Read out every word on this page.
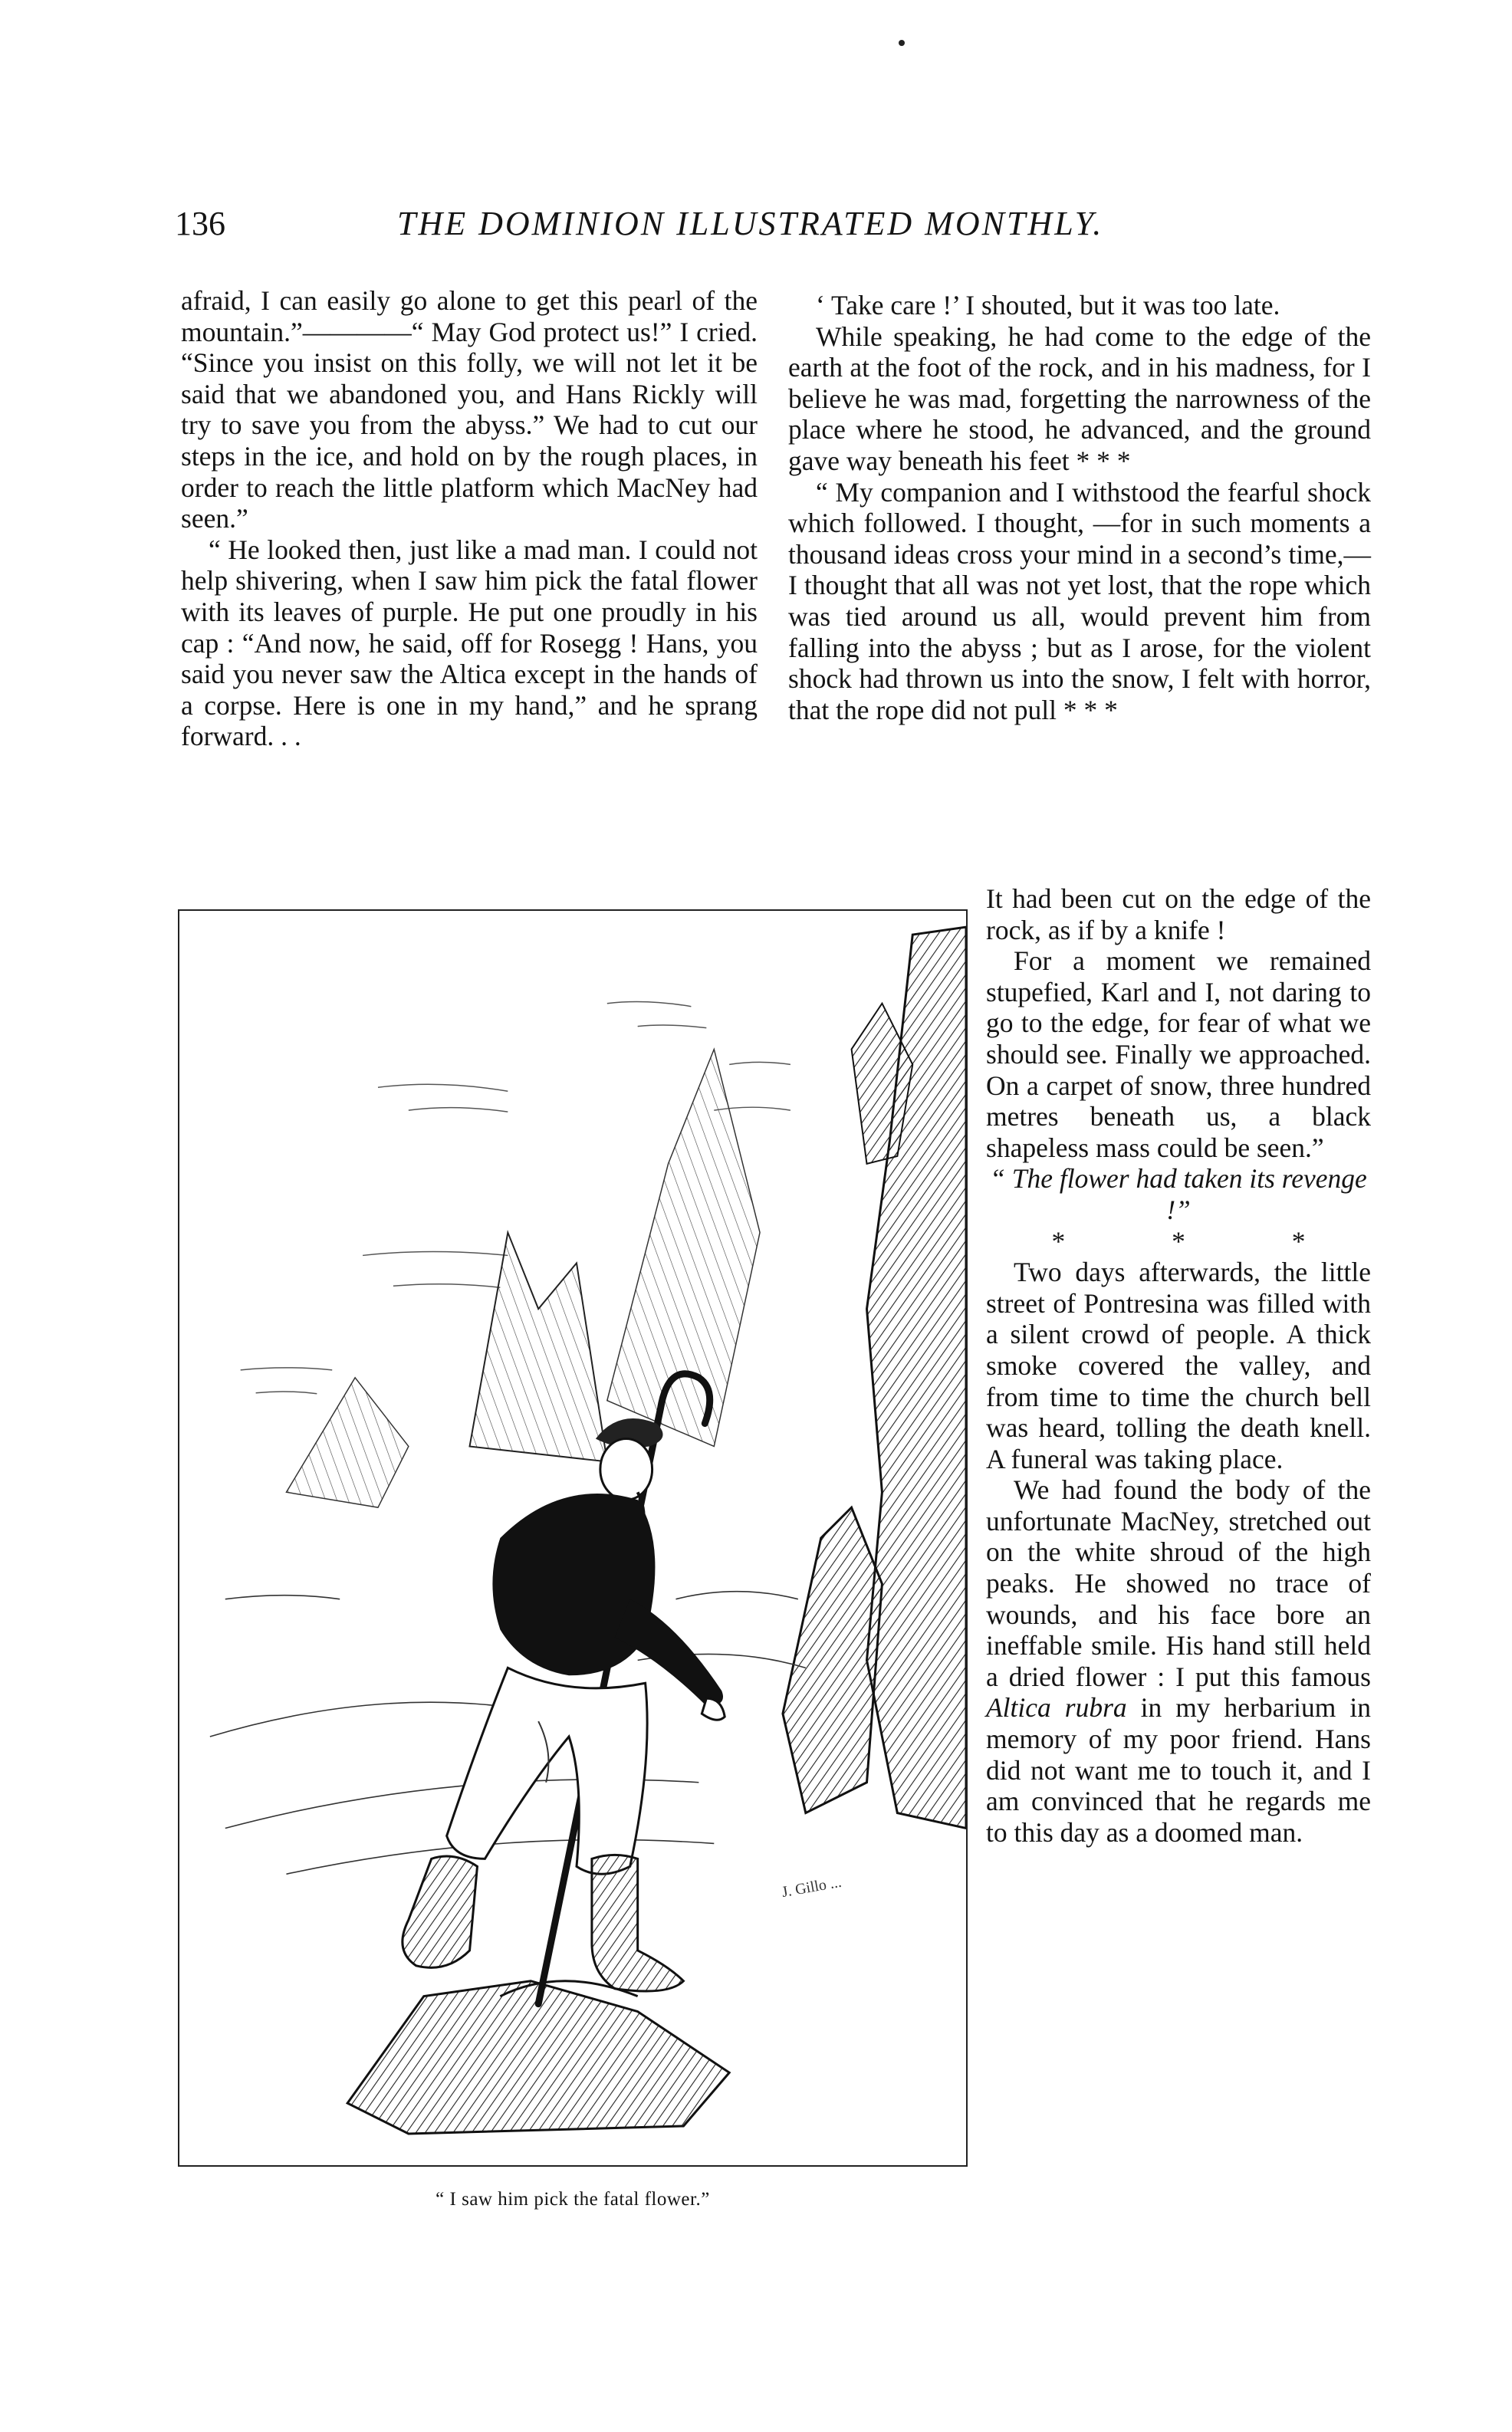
136	THE DOMINION ILLUSTRATED MONTHLY.

afraid, I can easily go alone to get this pearl of the mountain.”————“ May God protect us!” I cried. “Since you insist on this folly, we will not let it be said that we abandoned you, and Hans Rickly will try to save you from the abyss.” We had to cut our steps in the ice, and hold on by the rough places, in order to reach the little platform which MacNey had seen.”

“ He looked then, just like a mad man. I could not help shivering, when I saw him pick the fatal flower with its leaves of purple. He put one proudly in his cap : “And now, he said, off for Rosegg ! Hans, you said you never saw the Altica except in the hands of a corpse. Here is one in my hand,” and he sprang forward. . .

‘ Take care !’ I shouted, but it was too late.

While speaking, he had come to the edge of the earth at the foot of the rock, and in his madness, for I believe he was mad, forgetting the narrowness of the place where he stood, he advanced, and the ground gave way beneath his feet * * *

“ My companion and I withstood the fearful shock which followed. I thought, —for in such moments a thousand ideas cross your mind in a second’s time,—I thought that all was not yet lost, that the rope which was tied around us all, would prevent him from falling into the abyss ; but as I arose, for the violent shock had thrown us into the snow, I felt with horror, that the rope did not pull * * *

It had been cut on the edge of the rock, as if by a knife !

For a moment we remained stupefied, Karl and I, not daring to go to the edge, for fear of what we should see. Finally we approached. On a carpet of snow, three hundred metres beneath us, a black shapeless mass could be seen.”

“ The flower had taken its revenge !”

* * *

Two days afterwards, the little street of Pontresina was filled with a silent crowd of people. A thick smoke covered the valley, and from time to time the church bell was heard, tolling the death knell. A funeral was taking place.

We had found the body of the unfortunate MacNey, stretched out on the white shroud of the high peaks. He showed no trace of wounds, and his face bore an ineffable smile. His hand still held a dried flower : I put this famous Altica rubra in my herbarium in memory of my poor friend. Hans did not want me to touch it, and I am convinced that he regards me to this day as a doomed man.

J. Gillo ...
“ I saw him pick the fatal flower.”
